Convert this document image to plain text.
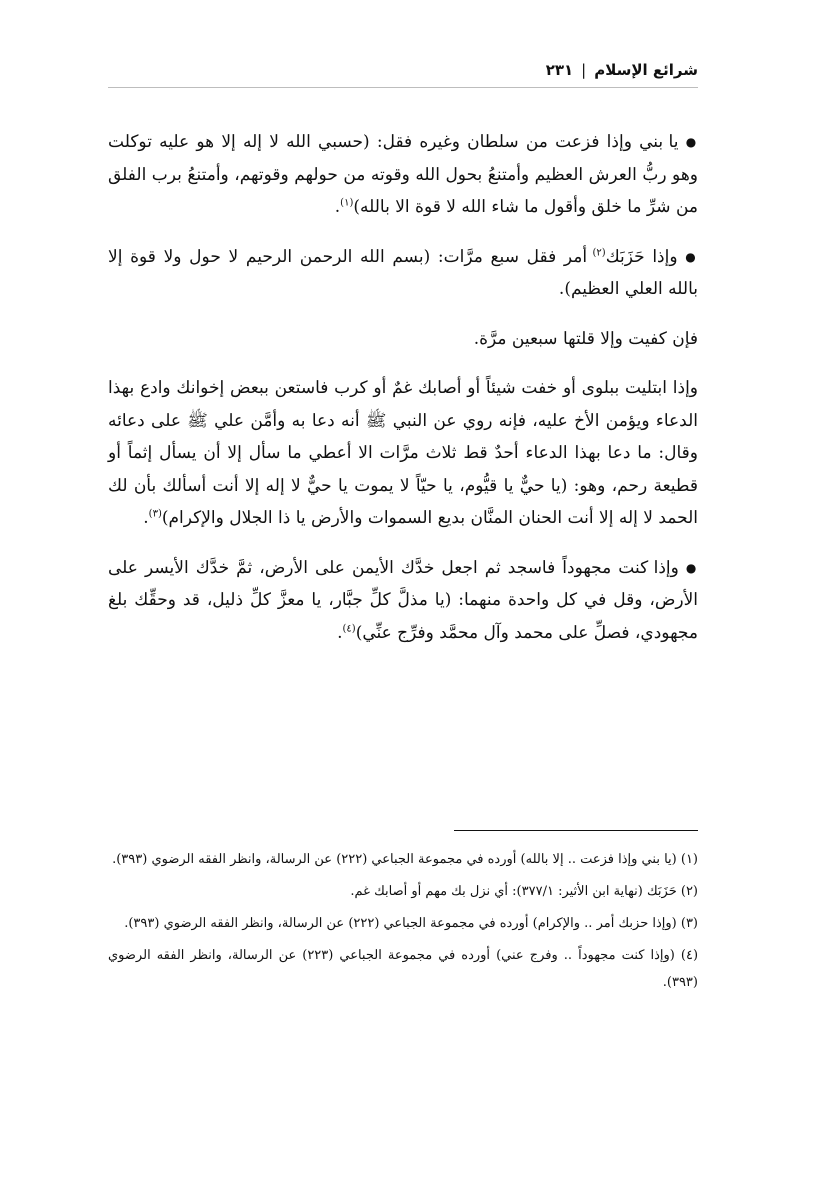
شرائع الإسلام|٢٣١

● يا بني وإذا فزعت من سلطان وغيره فقل: (حسبي الله لا إله إلا هو عليه توكلت وهو ربُّ العرش العظيم وأمتنعُ بحول الله وقوته من حولهم وقوتهم، وأمتنعُ برب الفلق من شرِّ ما خلق وأقول ما شاء الله لا قوة الا بالله)$^{(١)}$.

● وإذا حَزَبَك$^{(٢)}$ أمر فقل سبع مرَّات: (بسم الله الرحمن الرحيم لا حول ولا قوة إلا بالله العلي العظيم).

فإن كفيت وإلا قلتها سبعين مرَّة.

وإذا ابتليت ببلوى أو خفت شيئاً أو أصابك غمٌ أو كرب فاستعن ببعض إخوانك وادع بهذا الدعاء ويؤمن الأخ عليه، فإنه روي عن النبي ﷺ أنه دعا به وأمَّن علي ﷺ على دعائه وقال: ما دعا بهذا الدعاء أحدٌ قط ثلاث مرَّات الا أعطي ما سأل إلا أن يسأل إثماً أو قطيعة رحم، وهو: (يا حيٌّ يا قيُّوم، يا حيّاً لا يموت يا حيٌّ لا إله إلا أنت أسألك بأن لك الحمد لا إله إلا أنت الحنان المنَّان بديع السموات والأرض يا ذا الجلال والإكرام)$^{(٣)}$.

● وإذا كنت مجهوداً فاسجد ثم اجعل خدَّك الأيمن على الأرض، ثمَّ خدَّك الأيسر على الأرض، وقل في كل واحدة منهما: (يا مذلَّ كلِّ جبَّار، يا معزَّ كلِّ ذليل، قد وحقِّك بلغ مجهودي، فصلِّ على محمد وآل محمَّد وفرِّج عنِّي)$^{(٤)}$.

(١) (يا بني وإذا فزعت .. إلا بالله) أورده في مجموعة الجباعي (٢٢٢) عن الرسالة، وانظر الفقه الرضوي (٣٩٣).

(٢) حَزَبَك (نهاية ابن الأثير: ٣٧٧/١): أي نزل بك مهم أو أصابك غم.

(٣) (وإذا حزبك أمر .. والإكرام) أورده في مجموعة الجباعي (٢٢٢) عن الرسالة، وانظر الفقه الرضوي (٣٩٣).

(٤) (وإذا كنت مجهوداً .. وفرج عني) أورده في مجموعة الجباعي (٢٢٣) عن الرسالة، وانظر الفقه الرضوي (٣٩٣).
